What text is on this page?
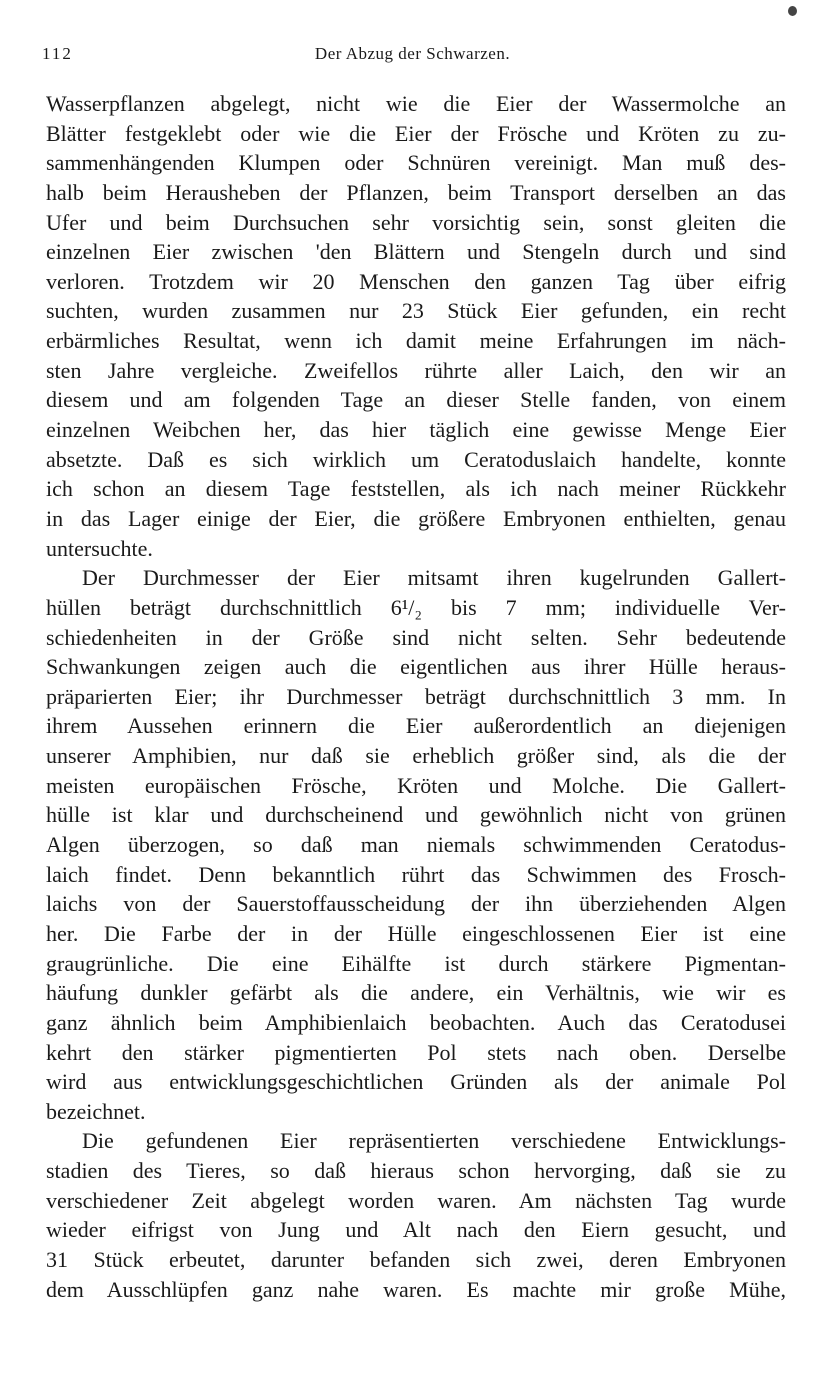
112	Der Abzug der Schwarzen.
Wasserpflanzen abgelegt, nicht wie die Eier der Wassermolche an
Blätter festgeklebt oder wie die Eier der Frösche und Kröten zu zu-
sammenhängenden Klumpen oder Schnüren vereinigt. Man muß des-
halb beim Herausheben der Pflanzen, beim Transport derselben an das
Ufer und beim Durchsuchen sehr vorsichtig sein, sonst gleiten die
einzelnen Eier zwischen 'den Blättern und Stengeln durch und sind
verloren. Trotzdem wir 20 Menschen den ganzen Tag über eifrig
suchten, wurden zusammen nur 23 Stück Eier gefunden, ein recht
erbärmliches Resultat, wenn ich damit meine Erfahrungen im näch-
sten Jahre vergleiche. Zweifellos rührte aller Laich, den wir an
diesem und am folgenden Tage an dieser Stelle fanden, von einem
einzelnen Weibchen her, das hier täglich eine gewisse Menge Eier
absetzte. Daß es sich wirklich um Ceratoduslaich handelte, konnte
ich schon an diesem Tage feststellen, als ich nach meiner Rückkehr
in das Lager einige der Eier, die größere Embryonen enthielten, genau
untersuchte.
Der Durchmesser der Eier mitsamt ihren kugelrunden Gallert-
hüllen beträgt durchschnittlich 6¹/₂ bis 7 mm; individuelle Ver-
schiedenheiten in der Größe sind nicht selten. Sehr bedeutende
Schwankungen zeigen auch die eigentlichen aus ihrer Hülle heraus-
präparierten Eier; ihr Durchmesser beträgt durchschnittlich 3 mm. In
ihrem Aussehen erinnern die Eier außerordentlich an diejenigen
unserer Amphibien, nur daß sie erheblich größer sind, als die der
meisten europäischen Frösche, Kröten und Molche. Die Gallert-
hülle ist klar und durchscheinend und gewöhnlich nicht von grünen
Algen überzogen, so daß man niemals schwimmenden Ceratodus-
laich findet. Denn bekanntlich rührt das Schwimmen des Frosch-
laichs von der Sauerstoffausscheidung der ihn überziehenden Algen
her. Die Farbe der in der Hülle eingeschlossenen Eier ist eine
graugrünliche. Die eine Eihälfte ist durch stärkere Pigmentan-
häufung dunkler gefärbt als die andere, ein Verhältnis, wie wir es
ganz ähnlich beim Amphibienlaich beobachten. Auch das Ceratodusei
kehrt den stärker pigmentierten Pol stets nach oben. Derselbe
wird aus entwicklungsgeschichtlichen Gründen als der animale Pol
bezeichnet.
Die gefundenen Eier repräsentierten verschiedene Entwicklungs-
stadien des Tieres, so daß hieraus schon hervorging, daß sie zu
verschiedener Zeit abgelegt worden waren. Am nächsten Tag wurde
wieder eifrigst von Jung und Alt nach den Eiern gesucht, und
31 Stück erbeutet, darunter befanden sich zwei, deren Embryonen
dem Ausschlüpfen ganz nahe waren. Es machte mir große Mühe,
